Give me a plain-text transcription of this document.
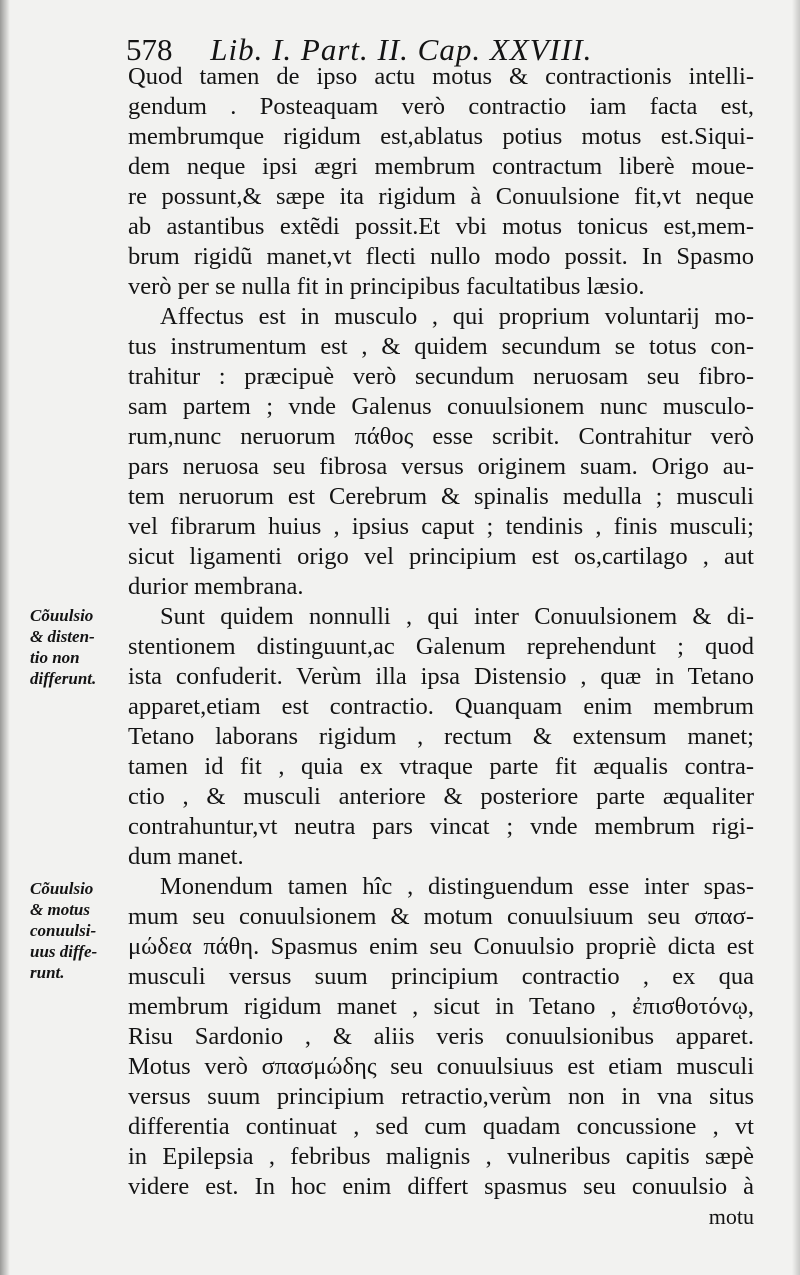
578 Lib. I. Part. II. Cap. XXVIII.
Cõuulsio
& disten-
tio non
differunt.
Cõuulsio
& motus
conuulsi-
uus diffe-
runt.
Quod tamen de ipso actu motus & contractionis intelli-
gendum . Posteaquam verò contractio iam facta est,
membrumque rigidum est,ablatus potius motus est.Siqui-
dem neque ipsi ægri membrum contractum liberè moue-
re possunt,& sæpe ita rigidum à Conuulsione fit,vt neque
ab astantibus extẽdi possit.Et vbi motus tonicus est,mem-
brum rigidũ manet,vt flecti nullo modo possit. In Spasmo
verò per se nulla fit in principibus facultatibus læsio.
Affectus est in musculo , qui proprium voluntarij mo-
tus instrumentum est , & quidem secundum se totus con-
trahitur : præcipuè verò secundum neruosam seu fibro-
sam partem ; vnde Galenus conuulsionem nunc musculo-
rum,nunc neruorum πάθος esse scribit. Contrahitur verò
pars neruosa seu fibrosa versus originem suam. Origo au-
tem neruorum est Cerebrum & spinalis medulla ; musculi
vel fibrarum huius , ipsius caput ; tendinis , finis musculi;
sicut ligamenti origo vel principium est os,cartilago , aut
durior membrana.
Sunt quidem nonnulli , qui inter Conuulsionem & di-
stentionem distinguunt,ac Galenum reprehendunt ; quod
ista confuderit. Verùm illa ipsa Distensio , quæ in Tetano
apparet,etiam est contractio. Quanquam enim membrum
Tetano laborans rigidum , rectum & extensum manet;
tamen id fit , quia ex vtraque parte fit æqualis contra-
ctio , & musculi anteriore & posteriore parte æqualiter
contrahuntur,vt neutra pars vincat ; vnde membrum rigi-
dum manet.
Monendum tamen hîc , distinguendum esse inter spas-
mum seu conuulsionem & motum conuulsiuum seu σπασ-
μώδεα πάθη. Spasmus enim seu Conuulsio propriè dicta est
musculi versus suum principium contractio , ex qua
membrum rigidum manet , sicut in Tetano , ἐπισθοτόνῳ,
Risu Sardonio , & aliis veris conuulsionibus apparet.
Motus verò σπασμώδης seu conuulsiuus est etiam musculi
versus suum principium retractio,verùm non in vna situs
differentia continuat , sed cum quadam concussione , vt
in Epilepsia , febribus malignis , vulneribus capitis sæpè
videre est. In hoc enim differt spasmus seu conuulsio à
motu
